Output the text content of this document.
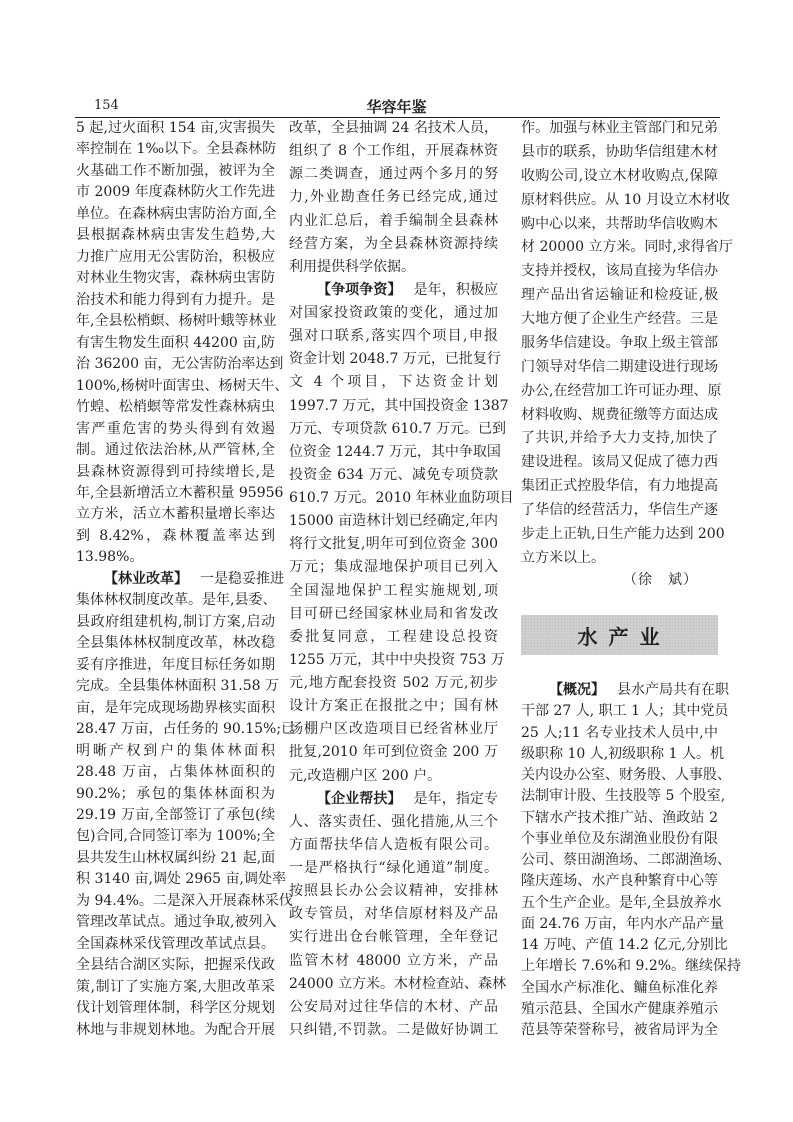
154	华容年鉴
5 起,过火面积 154 亩,灾害损失
率控制在 1‰以下。全县森林防
火基础工作不断加强，被评为全
市 2009 年度森林防火工作先进
单位。在森林病虫害防治方面,全
县根据森林病虫害发生趋势,大
力推广应用无公害防治，积极应
对林业生物灾害，森林病虫害防
治技术和能力得到有力提升。是
年,全县松梢螟、杨树叶蛾等林业
有害生物发生面积 44200 亩,防
治 36200 亩，无公害防治率达到
100%,杨树叶面害虫、杨树天牛、
竹蝗、松梢螟等常发性森林病虫
害严重危害的势头得到有效遏
制。通过依法治林,从严管林,全
县森林资源得到可持续增长,是
年,全县新增活立木蓄积量 95956
立方米，活立木蓄积量增长率达
到 8.42%，森林覆盖率达到
13.98%。
【林业改革】 一是稳妥推进
集体林权制度改革。是年,县委、
县政府组建机构,制订方案,启动
全县集体林权制度改革，林改稳
妥有序推进，年度目标任务如期
完成。全县集体林面积 31.58 万
亩，是年完成现场勘界核实面积
28.47 万亩，占任务的 90.15%;已
明晰产权到户的集体林面积
28.48 万亩，占集体林面积的
90.2%；承包的集体林面积为
29.19 万亩,全部签订了承包(续
包)合同,合同签订率为 100%;全
县共发生山林权属纠纷 21 起,面
积 3140 亩,调处 2965 亩,调处率
为 94.4%。二是深入开展森林采伐
管理改革试点。通过争取,被列入
全国森林采伐管理改革试点县。
全县结合湖区实际，把握采伐政
策,制订了实施方案,大胆改革采
伐计划管理体制，科学区分规划
林地与非规划林地。为配合开展
改革，全县抽调 24 名技术人员，
组织了 8 个工作组，开展森林资
源二类调查，通过两个多月的努
力,外业勘查任务已经完成,通过
内业汇总后，着手编制全县森林
经营方案，为全县森林资源持续
利用提供科学依据。
【争项争资】 是年，积极应
对国家投资政策的变化，通过加
强对口联系,落实四个项目,申报
资金计划 2048.7 万元，已批复行
文 4 个项目，下达资金计划
1997.7 万元，其中国投资金 1387
万元、专项贷款 610.7 万元。已到
位资金 1244.7 万元，其中争取国
投资金 634 万元、减免专项贷款
610.7 万元。2010 年林业血防项目
15000 亩造林计划已经确定,年内
将行文批复,明年可到位资金 300
万元；集成湿地保护项目已列入
全国湿地保护工程实施规划,项
目可研已经国家林业局和省发改
委批复同意，工程建设总投资
1255 万元，其中中央投资 753 万
元,地方配套投资 502 万元,初步
设计方案正在报批之中；国有林
场棚户区改造项目已经省林业厅
批复,2010 年可到位资金 200 万
元,改造棚户区 200 户。
【企业帮扶】 是年，指定专
人、落实责任、强化措施,从三个
方面帮扶华信人造板有限公司。
一是严格执行“绿化通道”制度。
按照县长办公会议精神，安排林
政专管员，对华信原材料及产品
实行进出仓台帐管理，全年登记
监管木材 48000 立方米，产品
24000 立方米。木材检查站、森林
公安局对过往华信的木材、产品
只纠错,不罚款。二是做好协调工
作。加强与林业主管部门和兄弟
县市的联系，协助华信组建木材
收购公司,设立木材收购点,保障
原材料供应。从 10 月设立木材收
购中心以来，共帮助华信收购木
材 20000 立方米。同时,求得省厅
支持并授权，该局直接为华信办
理产品出省运输证和检疫证,极
大地方便了企业生产经营。三是
服务华信建设。争取上级主管部
门领导对华信二期建设进行现场
办公,在经营加工许可证办理、原
材料收购、规费征缴等方面达成
了共识,并给予大力支持,加快了
建设进程。该局又促成了德力西
集团正式控股华信，有力地提高
了华信的经营活力，华信生产逐
步走上正轨,日生产能力达到 200
立方米以上。
（徐　斌）
水 产 业
【概况】 县水产局共有在职
干部 27 人, 职工 1 人；其中党员
25 人;11 名专业技术人员中,中
级职称 10 人,初级职称 1 人。机
关内设办公室、财务股、人事股、
法制审计股、生技股等 5 个股室,
下辖水产技术推广站、渔政站 2
个事业单位及东湖渔业股份有限
公司、蔡田湖渔场、二郎湖渔场、
隆庆莲场、水产良种繁育中心等
五个生产企业。是年,全县放养水
面 24.76 万亩，年内水产品产量
14 万吨、产值 14.2 亿元,分别比
上年增长 7.6%和 9.2%。继续保持
全国水产标准化、鳙鱼标准化养
殖示范县、全国水产健康养殖示
范县等荣誉称号，被省局评为全
